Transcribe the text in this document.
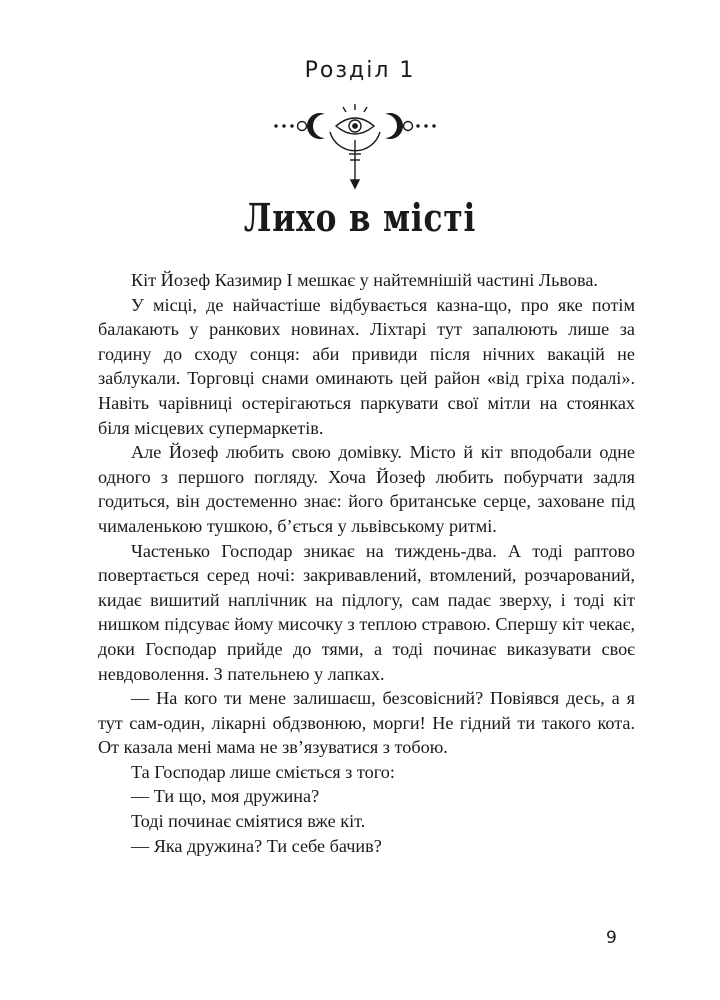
Розділ 1
Лихо в місті

Кіт Йозеф Казимир І мешкає у найтемнішій частині Львова.

У місці, де найчастіше відбувається казна-що, про яке потім балакають у ранкових новинах. Ліхтарі тут запалюють лише за годину до сходу сонця: аби привиди після нічних вакацій не заблукали. Торговці снами оминають цей район «від гріха подалі». Навіть чарівниці остерігаються паркувати свої мітли на стоянках біля місцевих супермаркетів.

Але Йозеф любить свою домівку. Місто й кіт вподобали одне одного з першого погляду. Хоча Йозеф любить побурчати задля годиться, він достеменно знає: його британське серце, заховане під чималенькою тушкою, б’ється у львівському ритмі.

Частенько Господар зникає на тиждень-два. А тоді раптово повертається серед ночі: закривавлений, втомлений, розчарований, кидає вишитий наплічник на підлогу, сам падає зверху, і тоді кіт нишком підсуває йому мисочку з теплою стравою. Спершу кіт чекає, доки Господар прийде до тями, а тоді починає виказувати своє невдоволення. З пательнею у лапках.

— На кого ти мене залишаєш, безсовісний? Повіявся десь, а я тут сам-один, лікарні обдзвонюю, морги! Не гідний ти такого кота. От казала мені мама не зв’язуватися з тобою.

Та Господар лише сміється з того:

— Ти що, моя дружина?

Тоді починає сміятися вже кіт.

— Яка дружина? Ти себе бачив?

9
